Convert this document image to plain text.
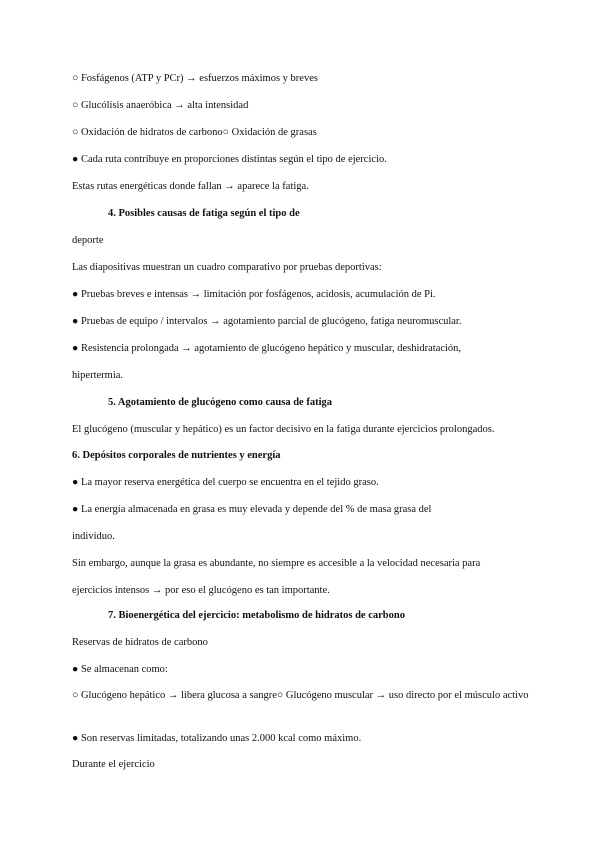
○ Fosfágenos (ATP y PCr) → esfuerzos máximos y breves
○ Glucólisis anaeróbica → alta intensidad
○ Oxidación de hidratos de carbono○ Oxidación de grasas
● Cada ruta contribuye en proporciones distintas según el tipo de ejercicio.
Estas rutas energéticas donde fallan → aparece la fatiga.
4. Posibles causas de fatiga según el tipo de
deporte
Las diapositivas muestran un cuadro comparativo por pruebas deportivas:
● Pruebas breves e intensas → limitación por fosfágenos, acidosis, acumulación de Pi.
● Pruebas de equipo / intervalos → agotamiento parcial de glucógeno, fatiga neuromuscular.
● Resistencia prolongada → agotamiento de glucógeno hepático y muscular, deshidratación,
hipertermia.
5. Agotamiento de glucógeno como causa de fatiga
El glucógeno (muscular y hepático) es un factor decisivo en la fatiga durante ejercicios prolongados.
6. Depósitos corporales de nutrientes y energía
● La mayor reserva energética del cuerpo se encuentra en el tejido graso.
● La energía almacenada en grasa es muy elevada y depende del % de masa grasa del
individuo.
Sin embargo, aunque la grasa es abundante, no siempre es accesible a la velocidad necesaria para
ejercicios intensos → por eso el glucógeno es tan importante.
7. Bioenergética del ejercicio: metabolismo de hidratos de carbono
Reservas de hidratos de carbono
● Se almacenan como:
○ Glucógeno hepático → libera glucosa a sangre○ Glucógeno muscular → uso directo por el músculo activo
● Son reservas limitadas, totalizando unas 2.000 kcal como máximo.
Durante el ejercicio
